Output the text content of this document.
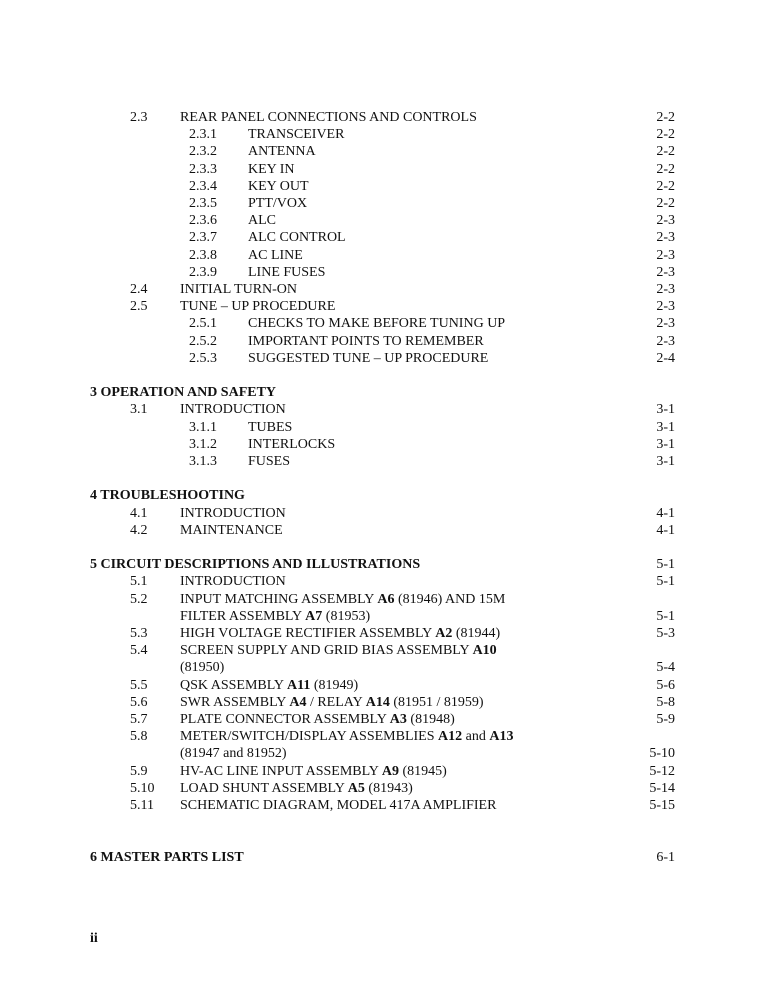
2.3 REAR PANEL CONNECTIONS AND CONTROLS	2-2
2.3.1 TRANSCEIVER	2-2
2.3.2 ANTENNA	2-2
2.3.3 KEY IN	2-2
2.3.4 KEY OUT	2-2
2.3.5 PTT/VOX	2-2
2.3.6 ALC	2-3
2.3.7 ALC CONTROL	2-3
2.3.8 AC LINE	2-3
2.3.9 LINE FUSES	2-3
2.4 INITIAL TURN-ON	2-3
2.5 TUNE – UP PROCEDURE	2-3
2.5.1 CHECKS TO MAKE BEFORE TUNING UP	2-3
2.5.2 IMPORTANT POINTS TO REMEMBER	2-3
2.5.3 SUGGESTED TUNE – UP PROCEDURE	2-4
3 OPERATION AND SAFETY
3.1 INTRODUCTION	3-1
3.1.1 TUBES	3-1
3.1.2 INTERLOCKS	3-1
3.1.3 FUSES	3-1
4 TROUBLESHOOTING
4.1 INTRODUCTION	4-1
4.2 MAINTENANCE	4-1
5 CIRCUIT DESCRIPTIONS AND ILLUSTRATIONS	5-1
5.1 INTRODUCTION	5-1
5.2 INPUT MATCHING ASSEMBLY A6 (81946) AND 15M
FILTER ASSEMBLY A7 (81953)	5-1
5.3 HIGH VOLTAGE RECTIFIER ASSEMBLY A2 (81944)	5-3
5.4 SCREEN SUPPLY AND GRID BIAS ASSEMBLY A10
(81950)	5-4
5.5 QSK ASSEMBLY A11 (81949)	5-6
5.6 SWR ASSEMBLY A4 / RELAY A14 (81951 / 81959)	5-8
5.7 PLATE CONNECTOR ASSEMBLY A3 (81948)	5-9
5.8 METER/SWITCH/DISPLAY ASSEMBLIES A12 and A13
(81947 and 81952)	5-10
5.9 HV-AC LINE INPUT ASSEMBLY A9 (81945)	5-12
5.10 LOAD SHUNT ASSEMBLY A5 (81943)	5-14
5.11 SCHEMATIC DIAGRAM, MODEL 417A AMPLIFIER	5-15
6 MASTER PARTS LIST	6-1
ii
